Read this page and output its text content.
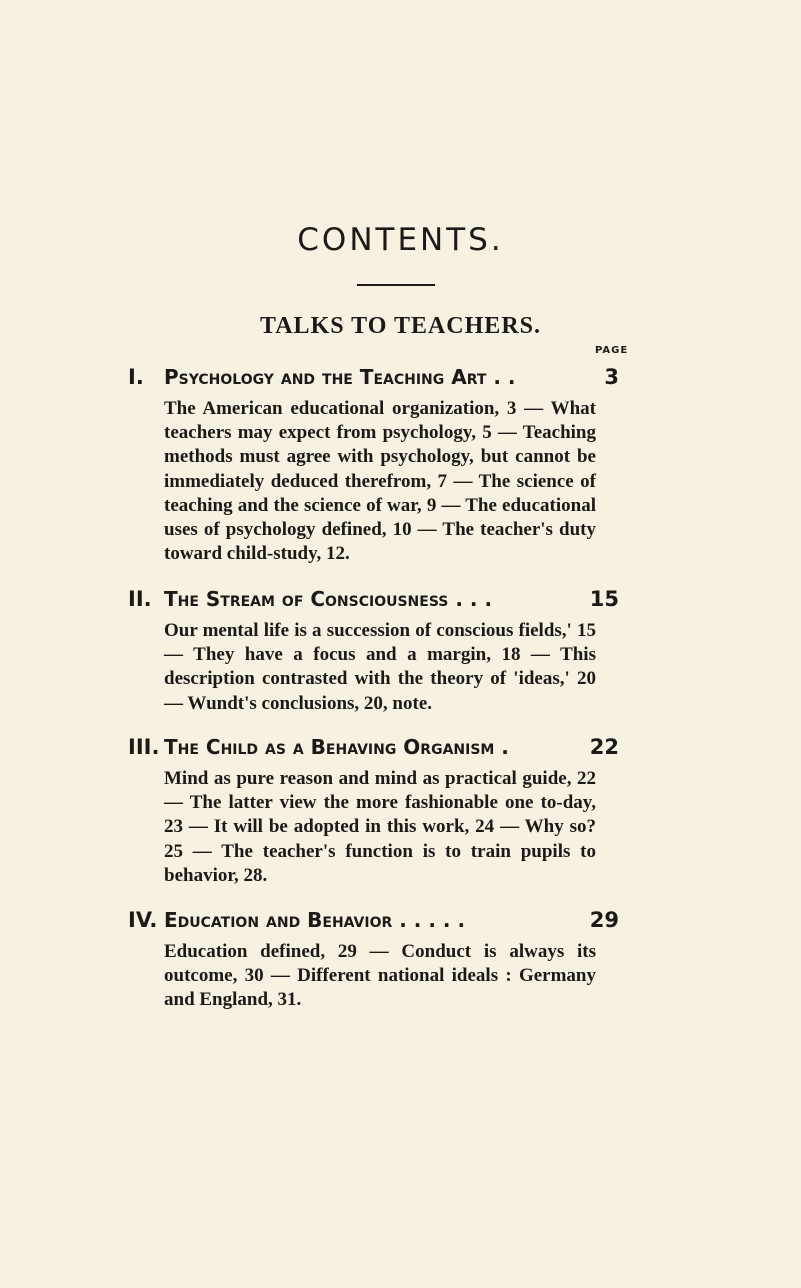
CONTENTS.
TALKS TO TEACHERS.
PAGE
I.	Psychology and the Teaching Art . .	3
The American educational organization, 3 — What teachers may expect from psychology, 5 — Teaching methods must agree with psychology, but cannot be immediately deduced therefrom, 7 — The science of teaching and the science of war, 9 — The educational uses of psychology defined, 10 — The teacher's duty toward child-study, 12.
II. The Stream of Consciousness . . .	15
Our mental life is a succession of conscious fields,' 15 — They have a focus and a margin, 18 — This description contrasted with the theory of 'ideas,' 20 — Wundt's conclusions, 20, note.
III. The Child as a Behaving Organism .	22
Mind as pure reason and mind as practical guide, 22 — The latter view the more fashionable one to-day, 23 — It will be adopted in this work, 24 — Why so? 25 — The teacher's function is to train pupils to behavior, 28.
IV. Education and Behavior . . . . .	29
Education defined, 29 — Conduct is always its outcome, 30 — Different national ideals : Germany and England, 31.
